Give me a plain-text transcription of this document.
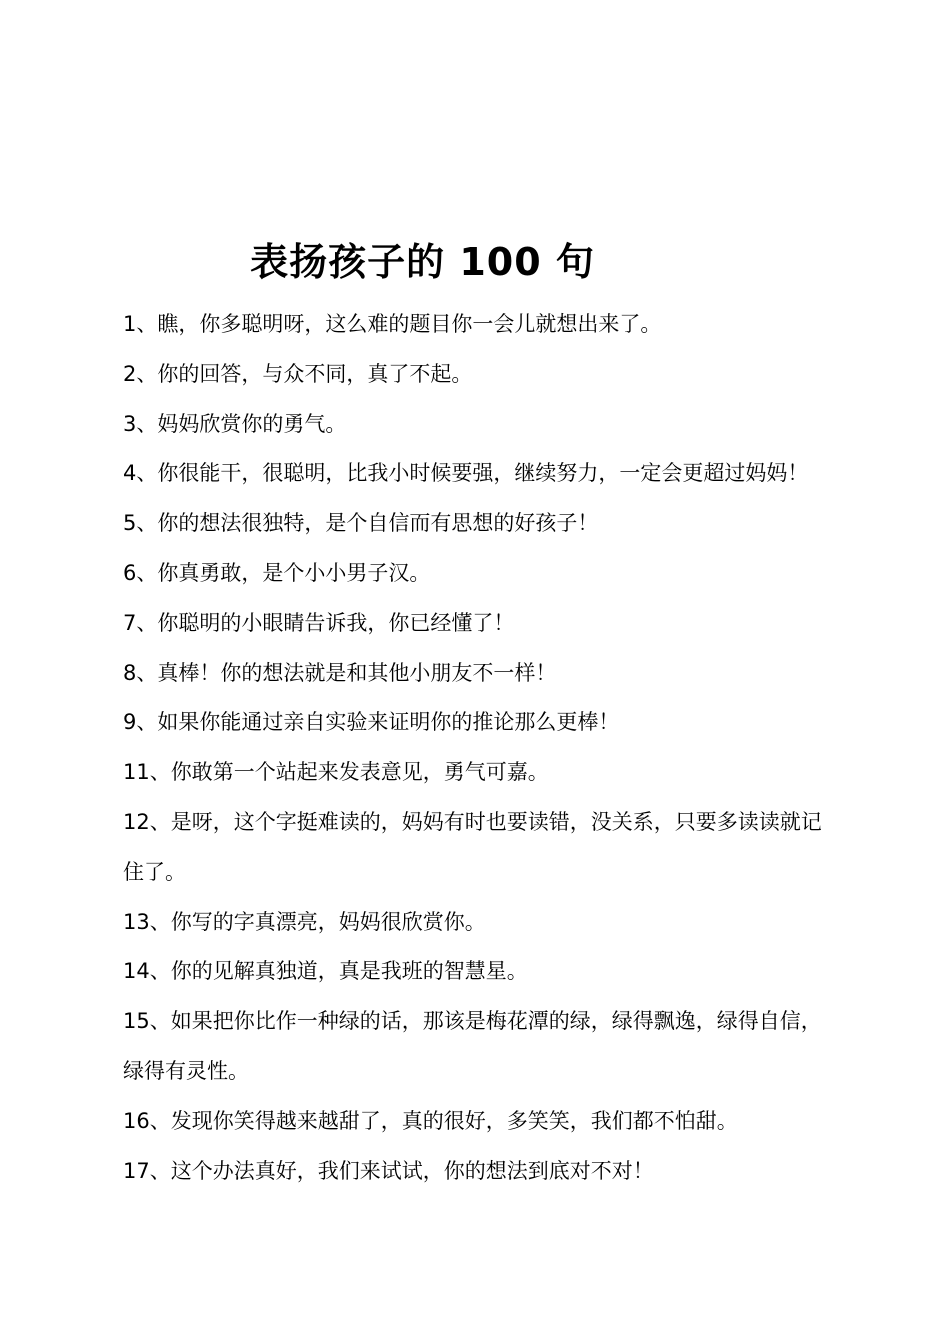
表扬孩子的 100 句
1、瞧，你多聪明呀，这么难的题目你一会儿就想出来了。
2、你的回答，与众不同，真了不起。
3、妈妈欣赏你的勇气。
4、你很能干，很聪明，比我小时候要强，继续努力，一定会更超过妈妈！
5、你的想法很独特，是个自信而有思想的好孩子！
6、你真勇敢，是个小小男子汉。
7、你聪明的小眼睛告诉我，你已经懂了！
8、真棒！你的想法就是和其他小朋友不一样！
9、如果你能通过亲自实验来证明你的推论那么更棒！
11、你敢第一个站起来发表意见，勇气可嘉。
12、是呀，这个字挺难读的，妈妈有时也要读错，没关系，只要多读读就记住了。
13、你写的字真漂亮，妈妈很欣赏你。
14、你的见解真独道，真是我班的智慧星。
15、如果把你比作一种绿的话，那该是梅花潭的绿，绿得飘逸，绿得自信，绿得有灵性。
16、发现你笑得越来越甜了，真的很好，多笑笑，我们都不怕甜。
17、这个办法真好，我们来试试，你的想法到底对不对！
